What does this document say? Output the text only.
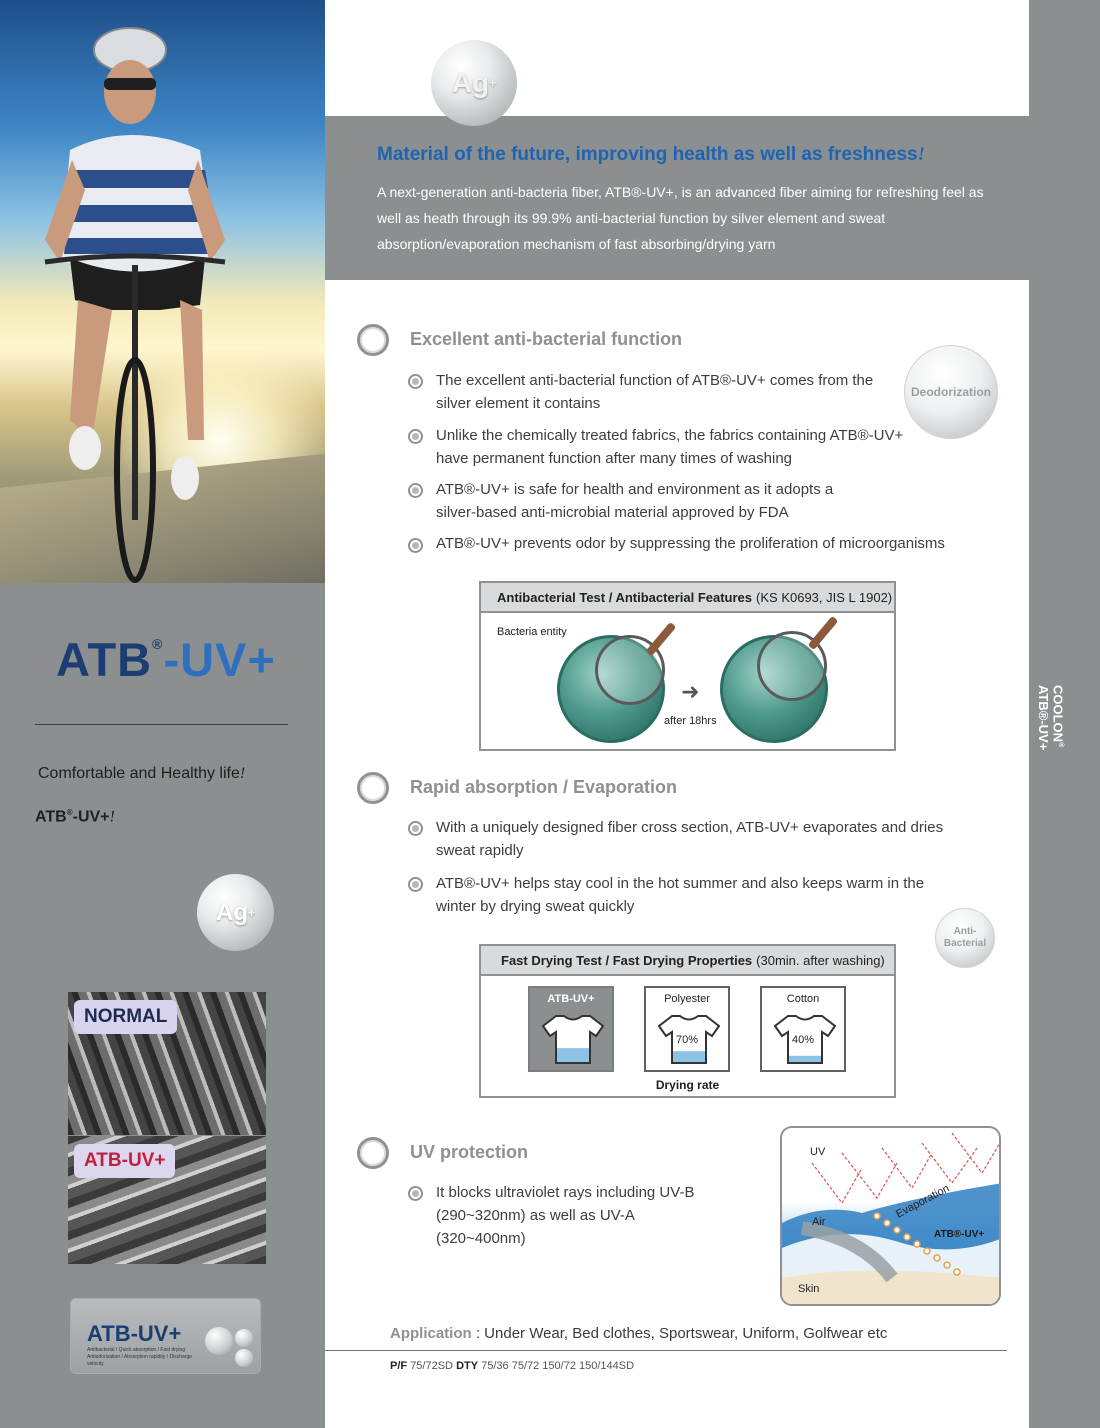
ATB®-UV+
Comfortable and Healthy life!
ATB®-UV+!
Ag +
NORMAL
ATB-UV+
ATB-UV+
Antibacterial / Quick absorption / Fast drying Antiodorization / Absorption rapidity / Discharge velocity
Ag +
Material of the future, improving health as well as freshness!
A next-generation anti-bacteria fiber, ATB®-UV+, is an advanced fiber aiming for refreshing feel as well as heath through its 99.9% anti-bacterial function by silver element and sweat absorption/evaporation mechanism of fast absorbing/drying yarn
COOLON®
ATB®-UV+
Excellent anti-bacterial function
The excellent anti-bacterial function of ATB®-UV+ comes from the silver element it contains
Unlike the chemically treated fabrics, the fabrics containing ATB®-UV+ have permanent function after many times of washing
ATB®-UV+ is safe for health and environment as it adopts a silver-based anti-microbial material approved by FDA
ATB®-UV+ prevents odor by suppressing the proliferation of microorganisms
Deodorization
Antibacterial Test / Antibacterial Features (KS K0693, JIS L 1902)
Bacteria entity
➜
after 18hrs
Rapid absorption / Evaporation
With a uniquely designed fiber cross section, ATB-UV+ evaporates and dries sweat rapidly
ATB®-UV+ helps stay cool in the hot summer and also keeps warm in the winter by drying sweat quickly
Anti-Bacterial
Fast Drying Test / Fast Drying Properties (30min. after washing)
ATB-UV+
90%
Polyester
70%
Cotton
40%
Drying rate
UV protection
It blocks ultraviolet rays including UV-B (290~320nm) as well as UV-A (320~400nm)
UV
Air
Evaporation
ATB®-UV+
Skin
Application : Under Wear, Bed clothes, Sportswear, Uniform, Golfwear etc
P/F 75/72SD DTY 75/36 75/72 150/72 150/144SD
